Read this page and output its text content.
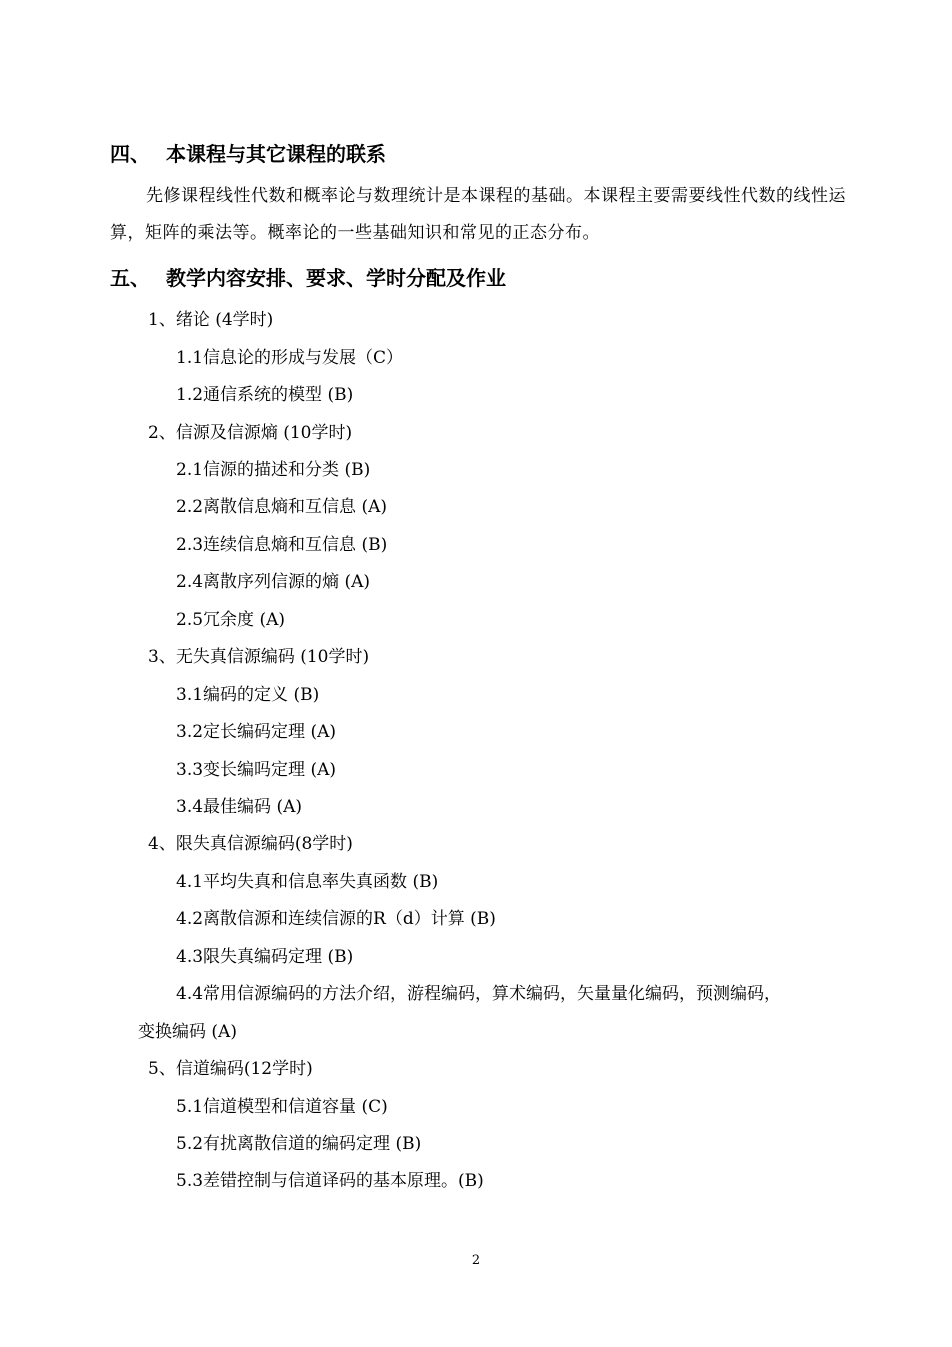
四、 本课程与其它课程的联系
先修课程线性代数和概率论与数理统计是本课程的基础。本课程主要需要线性代数的线性运算，矩阵的乘法等。概率论的一些基础知识和常见的正态分布。
五、 教学内容安排、要求、学时分配及作业
1、绪论 (4学时)
1.1信息论的形成与发展（C）
1.2通信系统的模型 (B)
2、信源及信源熵 (10学时)
2.1信源的描述和分类 (B)
2.2离散信息熵和互信息 (A)
2.3连续信息熵和互信息 (B)
2.4离散序列信源的熵 (A)
2.5冗余度 (A)
3、无失真信源编码 (10学时)
3.1编码的定义 (B)
3.2定长编码定理 (A)
3.3变长编吗定理 (A)
3.4最佳编码 (A)
4、限失真信源编码(8学时)
4.1平均失真和信息率失真函数 (B)
4.2离散信源和连续信源的R（d）计算 (B)
4.3限失真编码定理 (B)
4.4常用信源编码的方法介绍，游程编码，算术编码，矢量量化编码，预测编码，
变换编码 (A)
5、信道编码(12学时)
5.1信道模型和信道容量 (C)
5.2有扰离散信道的编码定理 (B)
5.3差错控制与信道译码的基本原理。(B)
2
